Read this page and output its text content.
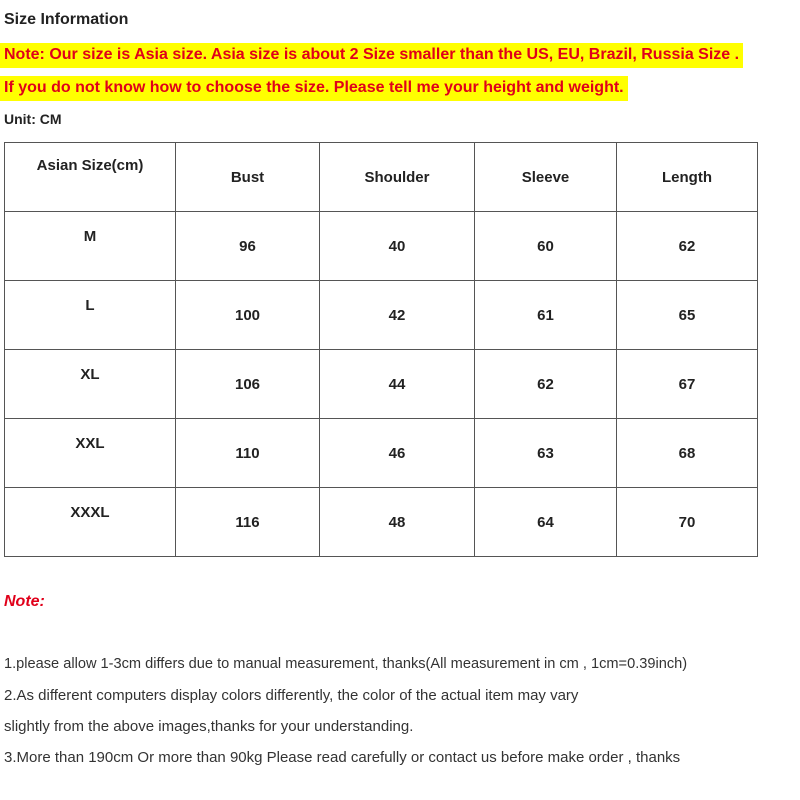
Size Information
Note: Our size is Asia size. Asia size is about 2 Size smaller than the US, EU, Brazil, Russia Size .
If you do not know how to choose the size. Please tell me your height and weight.
Unit: CM
Asian Size(cm)	Bust	Shoulder	Sleeve	Length
M	96	40	60	62
L	100	42	61	65
XL	106	44	62	67
XXL	110	46	63	68
XXXL	116	48	64	70
Note:
1.please allow 1-3cm differs due to manual measurement, thanks(All measurement in cm , 1cm=0.39inch)
2.As different computers display colors differently, the color of the actual item may vary
slightly from the above images,thanks for your understanding.
3.More than 190cm Or more than 90kg Please read carefully or contact us before make order , thanks
